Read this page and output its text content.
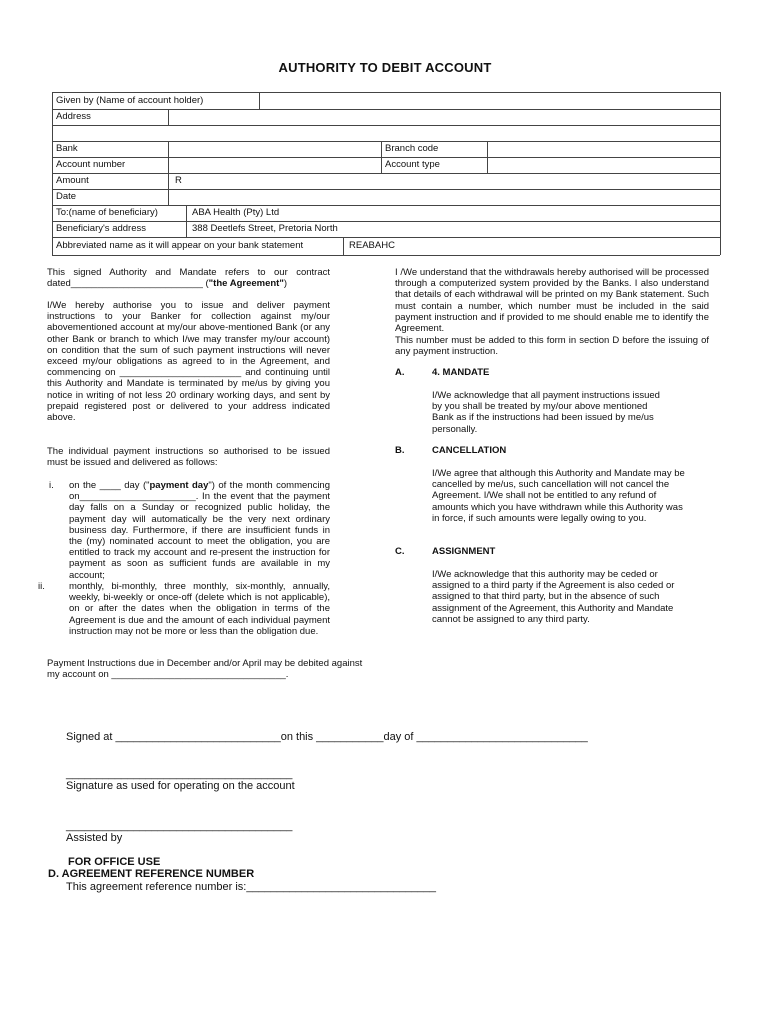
AUTHORITY TO DEBIT ACCOUNT
Given by (Name of account holder)
Address
Bank	Branch code
Account number	Account type
Amount	R
Date
To:(name of beneficiary)	ABA Health (Pty) Ltd
Beneficiary's address	388 Deetlefs Street, Pretoria North
Abbreviated name as it will appear on your bank statement	REABAHC
This signed Authority and Mandate refers to our contract dated_________________________ ("the Agreement")
I/We hereby authorise you to issue and deliver payment instructions to your Banker for collection against my/our abovementioned account at my/our above-mentioned Bank (or any other Bank or branch to which I/we may transfer my/our account) on condition that the sum of such payment instructions will never exceed my/our obligations as agreed to in the Agreement, and commencing on _______________________ and continuing until this Authority and Mandate is terminated by me/us by giving you notice in writing of not less 20 ordinary working days, and sent by prepaid registered post or delivered to your address indicated above.
The individual payment instructions so authorised to be issued must be issued and delivered as follows:
i.	on the ____ day ("payment day") of the month commencing on______________________. In the event that the payment day falls on a Sunday or recognized public holiday, the payment day will automatically be the very next ordinary business day. Furthermore, if there are insufficient funds in the (my) nominated account to meet the obligation, you are entitled to track my account and re-present the instruction for payment as soon as sufficient funds are available in my account;
ii.	monthly, bi-monthly, three monthly, six-monthly, annually, weekly, bi-weekly or once-off (delete which is not applicable), on or after the dates when the obligation in terms of the Agreement is due and the amount of each individual payment instruction may not be more or less than the obligation due.
Payment Instructions due in December and/or April may be debited against my account on _________________________________.
I /We understand that the withdrawals hereby authorised will be processed through a computerized system provided by the Banks. I also understand that details of each withdrawal will be printed on my Bank statement. Such must contain a number, which number must be included in the said payment instruction and if provided to me should enable me to identify the Agreement.
This number must be added to this form in section D before the issuing of any payment instruction.
A.	4. MANDATE
I/We acknowledge that all payment instructions issued by you shall be treated by my/our above mentioned Bank as if the instructions had been issued by me/us personally.
B.	CANCELLATION
I/We agree that although this Authority and Mandate may be cancelled by me/us, such cancellation will not cancel the Agreement. I/We shall not be entitled to any refund of amounts which you have withdrawn while this Authority was in force, if such amounts were legally owing to you.
C.	ASSIGNMENT
I/We acknowledge that this authority may be ceded or assigned to a third party if the Agreement is also ceded or assigned to that third party, but in the absence of such assignment of the Agreement, this Authority and Mandate cannot be assigned to any third party.
Signed at ___________________________on this ___________day of ____________________________
_____________________________________
Signature as used for operating on the account
_____________________________________
Assisted by
FOR OFFICE USE
D. AGREEMENT REFERENCE NUMBER
This agreement reference number is:_______________________________
